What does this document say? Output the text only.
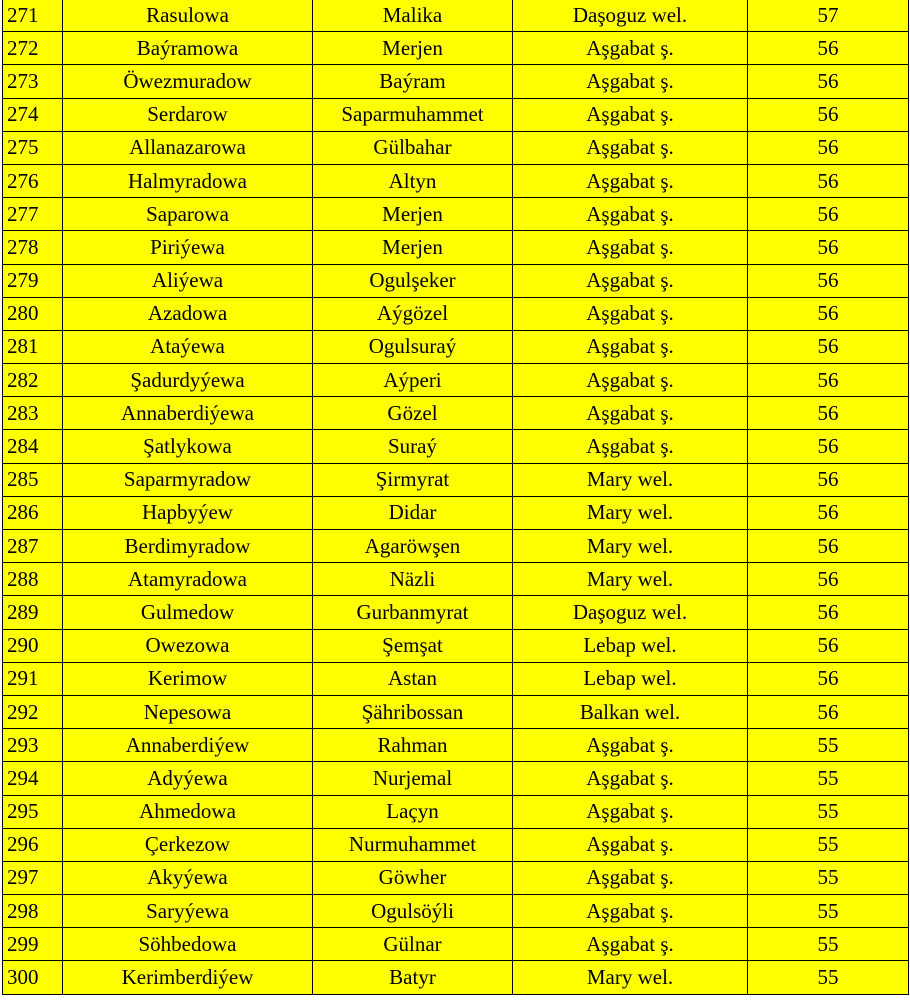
271	Rasulowa	Malika	Daşoguz wel.	57
272	Baýramowa	Merjen	Aşgabat ş.	56
273	Öwezmuradow	Baýram	Aşgabat ş.	56
274	Serdarow	Saparmuhammet	Aşgabat ş.	56
275	Allanazarowa	Gülbahar	Aşgabat ş.	56
276	Halmyradowa	Altyn	Aşgabat ş.	56
277	Saparowa	Merjen	Aşgabat ş.	56
278	Piriýewa	Merjen	Aşgabat ş.	56
279	Aliýewa	Ogulşeker	Aşgabat ş.	56
280	Azadowa	Aýgözel	Aşgabat ş.	56
281	Ataýewa	Ogulsuraý	Aşgabat ş.	56
282	Şadurdyýewa	Aýperi	Aşgabat ş.	56
283	Annaberdiýewa	Gözel	Aşgabat ş.	56
284	Şatlykowa	Suraý	Aşgabat ş.	56
285	Saparmyradow	Şirmyrat	Mary wel.	56
286	Hapbyýew	Didar	Mary wel.	56
287	Berdimyradow	Agaröwşen	Mary wel.	56
288	Atamyradowa	Näzli	Mary wel.	56
289	Gulmedow	Gurbanmyrat	Daşoguz wel.	56
290	Owezowa	Şemşat	Lebap wel.	56
291	Kerimow	Astan	Lebap wel.	56
292	Nepesowa	Şähribossan	Balkan wel.	56
293	Annaberdiýew	Rahman	Aşgabat ş.	55
294	Adyýewa	Nurjemal	Aşgabat ş.	55
295	Ahmedowa	Laçyn	Aşgabat ş.	55
296	Çerkezow	Nurmuhammet	Aşgabat ş.	55
297	Akyýewa	Göwher	Aşgabat ş.	55
298	Saryýewa	Ogulsöýli	Aşgabat ş.	55
299	Söhbedowa	Gülnar	Aşgabat ş.	55
300	Kerimberdiýew	Batyr	Mary wel.	55
